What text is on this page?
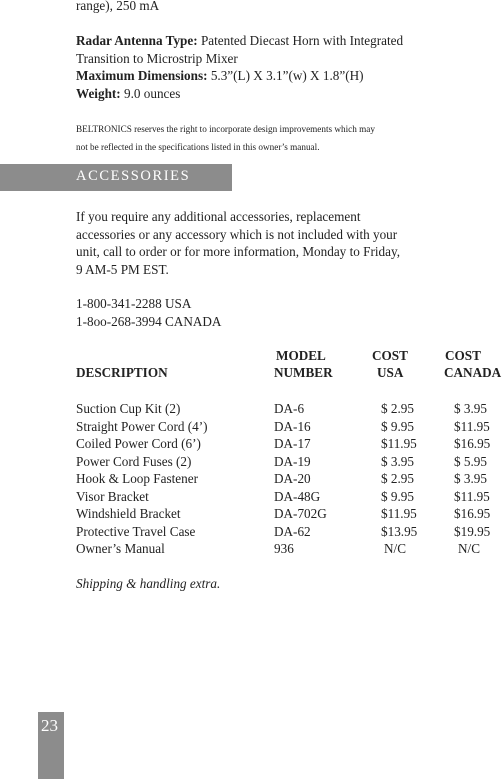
range), 250 mA
Radar Antenna Type: Patented Diecast Horn with Integrated
Transition to Microstrip Mixer
Maximum Dimensions: 5.3”(L) X 3.1”(w) X 1.8”(H)
Weight: 9.0 ounces
BELTRONICS reserves the right to incorporate design improvements which may
not be reflected in the specifications listed in this owner’s manual.
ACCESSORIES
If you require any additional accessories, replacement
accessories or any accessory which is not included with your
unit, call to order or for more information, Monday to Friday,
9 AM-5 PM EST.
1-800-341-2288 USA
1-8oo-268-3994 CANADA
MODEL	COST	COST
DESCRIPTION	NUMBER	USA	CANADA
Suction Cup Kit (2)	DA-6	$ 2.95	$ 3.95
Straight Power Cord (4’)	DA-16	$ 9.95	$11.95
Coiled Power Cord (6’)	DA-17	$11.95	$16.95
Power Cord Fuses (2)	DA-19	$ 3.95	$ 5.95
Hook & Loop Fastener	DA-20	$ 2.95	$ 3.95
Visor Bracket	DA-48G	$ 9.95	$11.95
Windshield Bracket	DA-702G	$11.95	$16.95
Protective Travel Case	DA-62	$13.95	$19.95
Owner’s Manual	936	N/C	N/C
Shipping & handling extra.
23
